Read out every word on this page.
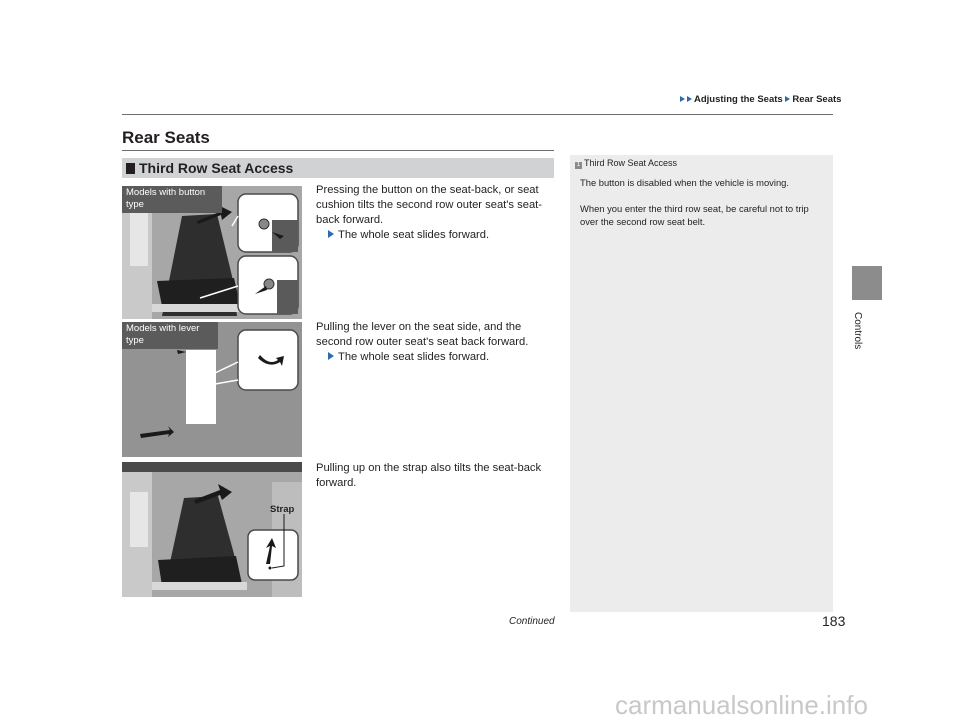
Adjusting the Seats Rear Seats
Controls
Rear Seats
Third Row Seat Access
Models with button type
Models with lever type
Strap
Pressing the button on the seat-back, or seat cushion tilts the second row outer seat's seat-back forward.
The whole seat slides forward.
Pulling the lever on the seat side, and the second row outer seat's seat back forward.
The whole seat slides forward.
Pulling up on the strap also tilts the seat-back forward.
1 Third Row Seat Access
The button is disabled when the vehicle is moving.
When you enter the third row seat, be careful not to trip over the second row seat belt.
Continued	183
carmanualsonline.info
